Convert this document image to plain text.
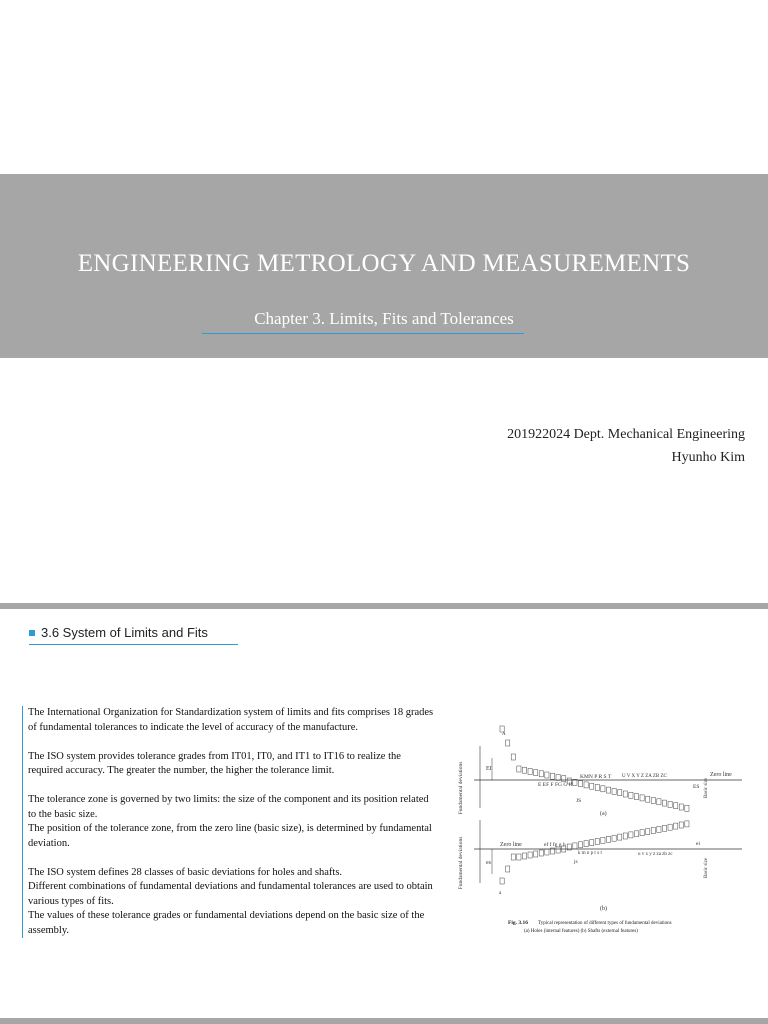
ENGINEERING METROLOGY AND MEASUREMENTS
Chapter 3. Limits, Fits and Tolerances
201922024 Dept. Mechanical Engineering
Hyunho Kim
3.6 System of Limits and Fits

The International Organization for Standardization system of limits and fits comprises 18 grades of fundamental tolerances to indicate the level of accuracy of the manufacture.

The ISO system provides tolerance grades from IT01, IT0, and IT1 to IT16 to realize the required accuracy. The greater the number, the higher the tolerance limit.

The tolerance zone is governed by two limits: the size of the component and its position related to the basic size.

The position of the tolerance zone, from the zero line (basic size), is determined by fundamental deviation.

The ISO system defines 28 classes of basic deviations for holes and shafts.

Different combinations of fundamental deviations and fundamental tolerances are used to obtain various types of fits.

The values of these tolerance grades or fundamental deviations depend on the basic size of the assembly.

Fundamental deviations
Fundamental deviations
EI
A
KMN P R S T
E EF F FG G H
U V X Y Z ZA ZB ZC
JS
Zero line
ES Basic size
(a)
es
Zero line	ef f fg g h
k m n p r s t	u v x y z za zb zc
js
ei
Basic size
a
(b)
Fig. 3.16 Typical representation of different types of fundamental deviations
(a) Holes (internal features) (b) Shafts (external features)
